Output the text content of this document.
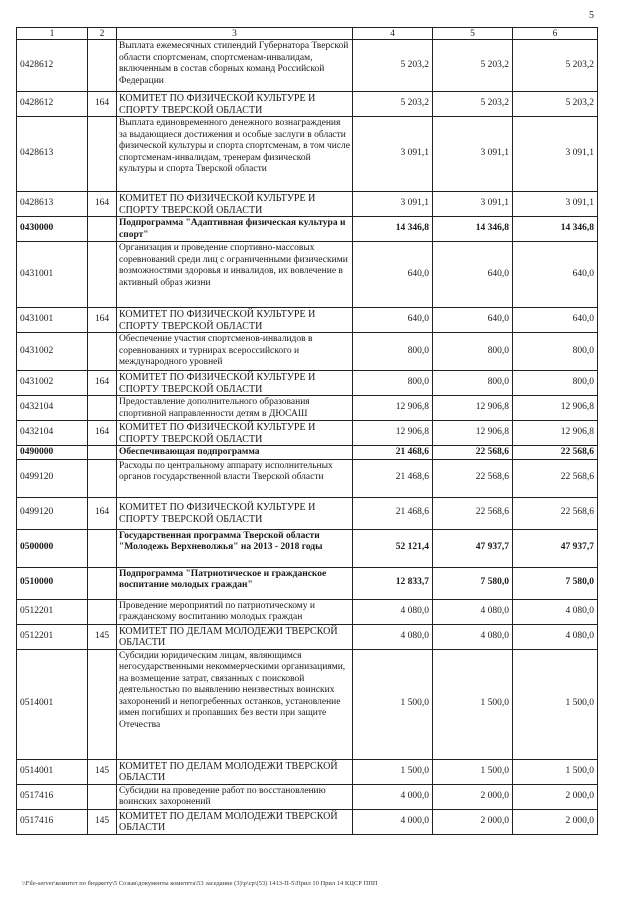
5
1	2	3	4	5	6
0428612		Выплата ежемесячных стипендий Губернатора Тверской области спортсменам, спортсменам-инвалидам, включенным в состав сборных команд Российской Федерации	5 203,2	5 203,2	5 203,2
0428612	164	КОМИТЕТ ПО ФИЗИЧЕСКОЙ КУЛЬТУРЕ И СПОРТУ ТВЕРСКОЙ ОБЛАСТИ	5 203,2	5 203,2	5 203,2
0428613		Выплата единовременного денежного вознаграждения за выдающиеся достижения и особые заслуги в области физической культуры и спорта спортсменам, в том числе спортсменам-инвалидам, тренерам физической культуры и спорта Тверской области	3 091,1	3 091,1	3 091,1
0428613	164	КОМИТЕТ ПО ФИЗИЧЕСКОЙ КУЛЬТУРЕ И СПОРТУ ТВЕРСКОЙ ОБЛАСТИ	3 091,1	3 091,1	3 091,1
0430000		Подпрограмма "Адаптивная физическая культура и спорт"	14 346,8	14 346,8	14 346,8
0431001		Организация и проведение спортивно-массовых соревнований среди лиц с ограниченными физическими возможностями здоровья и инвалидов, их вовлечение в активный образ жизни	640,0	640,0	640,0
0431001	164	КОМИТЕТ ПО ФИЗИЧЕСКОЙ КУЛЬТУРЕ И СПОРТУ ТВЕРСКОЙ ОБЛАСТИ	640,0	640,0	640,0
0431002		Обеспечение участия спортсменов-инвалидов в соревнованиях и турнирах всероссийского и международного уровней	800,0	800,0	800,0
0431002	164	КОМИТЕТ ПО ФИЗИЧЕСКОЙ КУЛЬТУРЕ И СПОРТУ ТВЕРСКОЙ ОБЛАСТИ	800,0	800,0	800,0
0432104		Предоставление дополнительного образования спортивной направленности детям в ДЮСАШ	12 906,8	12 906,8	12 906,8
0432104	164	КОМИТЕТ ПО ФИЗИЧЕСКОЙ КУЛЬТУРЕ И СПОРТУ ТВЕРСКОЙ ОБЛАСТИ	12 906,8	12 906,8	12 906,8
0490000		Обеспечивающая подпрограмма	21 468,6	22 568,6	22 568,6
0499120		Расходы по центральному аппарату исполнительных органов государственной власти Тверской области	21 468,6	22 568,6	22 568,6
0499120	164	КОМИТЕТ ПО ФИЗИЧЕСКОЙ КУЛЬТУРЕ И СПОРТУ ТВЕРСКОЙ ОБЛАСТИ	21 468,6	22 568,6	22 568,6
0500000		Государственная программа Тверской области "Молодежь Верхневолжья" на 2013 - 2018 годы	52 121,4	47 937,7	47 937,7
0510000		Подпрограмма "Патриотическое и гражданское воспитание молодых граждан"	12 833,7	7 580,0	7 580,0
0512201		Проведение мероприятий по патриотическому и гражданскому воспитанию молодых граждан	4 080,0	4 080,0	4 080,0
0512201	145	КОМИТЕТ ПО ДЕЛАМ МОЛОДЕЖИ ТВЕРСКОЙ ОБЛАСТИ	4 080,0	4 080,0	4 080,0
0514001		Субсидии юридическим лицам, являющимся негосударственными некоммерческими организациями, на возмещение затрат, связанных с поисковой деятельностью по выявлению неизвестных воинских захоронений и непогребенных останков, установление имен погибших и пропавших без вести при защите Отечества	1 500,0	1 500,0	1 500,0
0514001	145	КОМИТЕТ ПО ДЕЛАМ МОЛОДЕЖИ ТВЕРСКОЙ ОБЛАСТИ	1 500,0	1 500,0	1 500,0
0517416		Субсидии на проведение работ по восстановлению воинских захоронений	4 000,0	2 000,0	2 000,0
0517416	145	КОМИТЕТ ПО ДЕЛАМ МОЛОДЕЖИ ТВЕРСКОЙ ОБЛАСТИ	4 000,0	2 000,0	2 000,0
\\File-server\комитет по бюджету\5 Созыв\документы комитета\53 заседание (3)\р\ср\(53) 1413-П-5\Прил 10 Прил 14 КЦСР ППП
